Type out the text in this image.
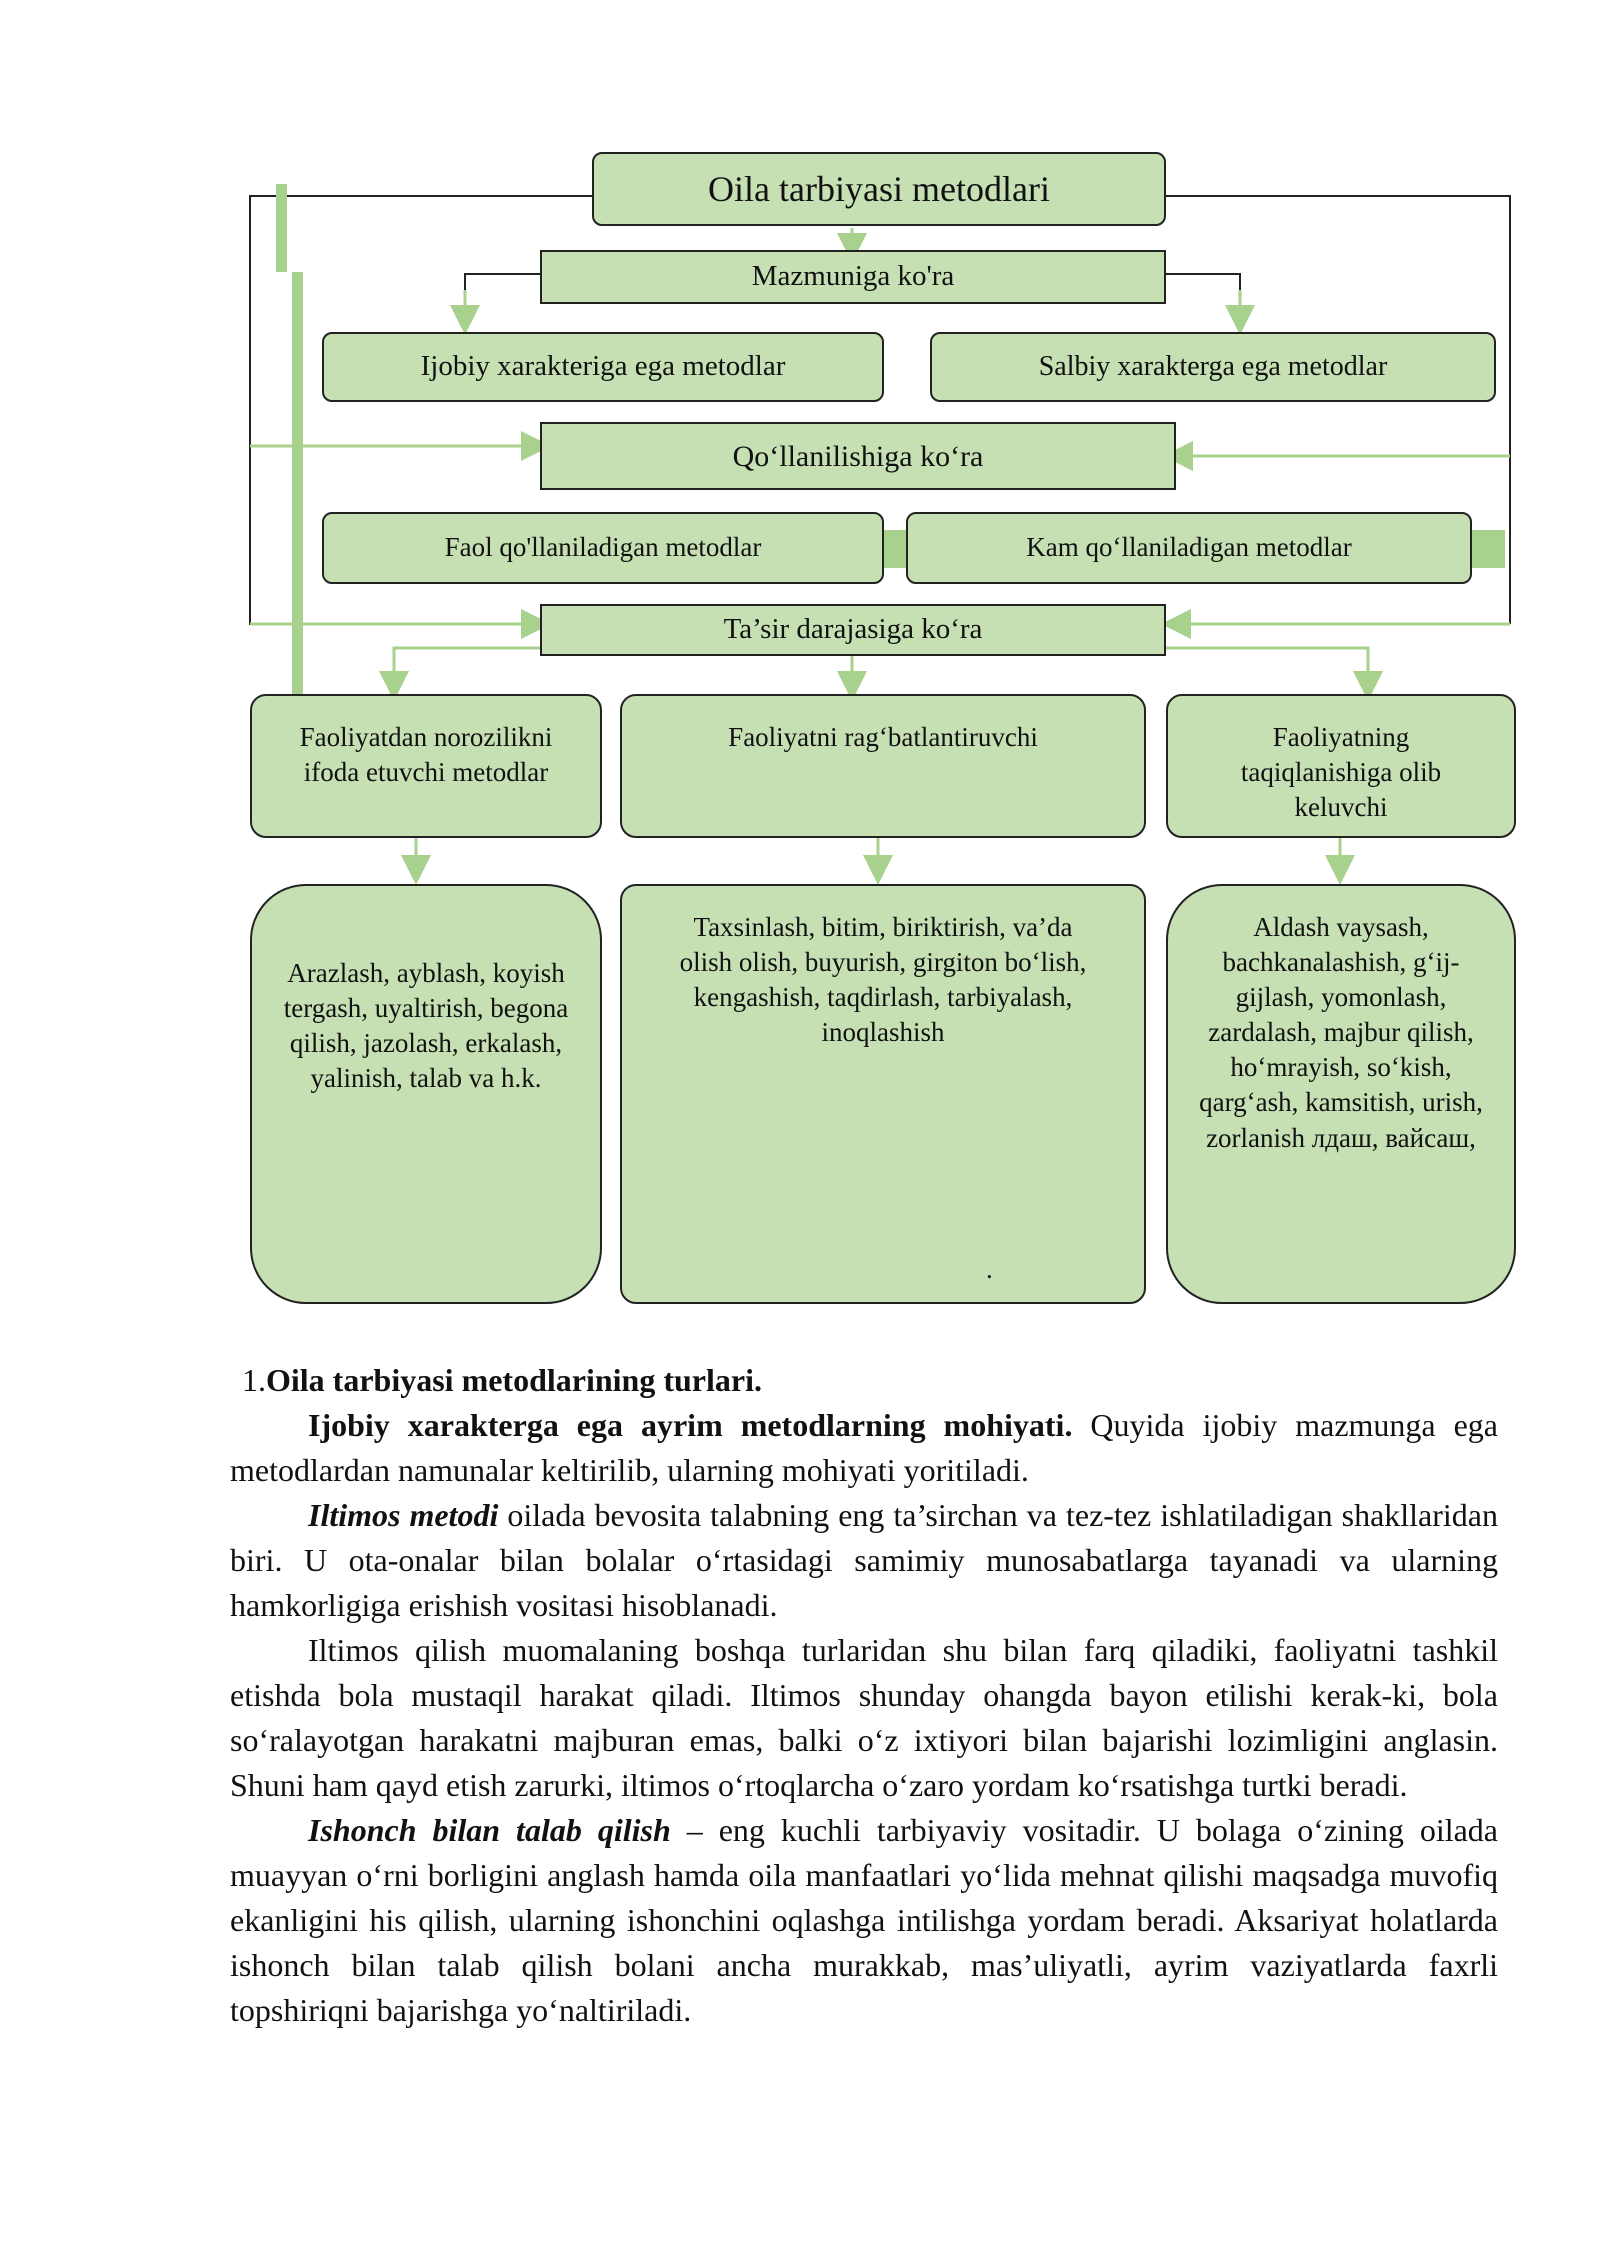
Oila tarbiyasi metodlari
Mazmuniga ko'ra
Ijobiy xarakteriga ega metodlar	Salbiy xarakterga ega metodlar
Qo‘llanilishiga ko‘ra
Faol qo'llaniladigan metodlar	Kam qo‘llaniladigan metodlar
Ta’sir darajasiga ko‘ra
Faoliyatdan norozilikni ifoda etuvchi metodlar
Faoliyatni rag‘batlantiruvchi	Faoliyatning taqiqlanishiga olib keluvchi
Arazlash, ayblash, koyish tergash, uyaltirish, begona qilish, jazolash, erkalash, yalinish, talab va h.k.
Taxsinlash, bitim, biriktirish, va’da olish olish, buyurish, girgiton bo‘lish, kengashish, taqdirlash, tarbiyalash, inoqlashish
.
Aldash vaysash, bachkanalashish, g‘ij-gijlash, yomonlash, zardalash, majbur qilish, ho‘mrayish, so‘kish, qarg‘ash, kamsitish, urish, zorlanish лдаш, вайсаш,

1.Oila tarbiyasi metodlarining turlari.

Ijobiy xarakterga ega ayrim metodlarning mohiyati. Quyida ijobiy mazmunga ega metodlardan namunalar keltirilib, ularning mohiyati yoritiladi.

Iltimos metodi oilada bevosita talabning eng ta’sirchan va tez-tez ishlatiladigan shakllaridan biri. U ota-onalar bilan bolalar o‘rtasidagi samimiy munosabatlarga tayanadi va ularning hamkorligiga erishish vositasi hisoblanadi.

Iltimos qilish muomalaning boshqa turlaridan shu bilan farq qiladiki, faoliyatni tashkil etishda bola mustaqil harakat qiladi. Iltimos shunday ohangda bayon etilishi kerak-ki, bola so‘ralayotgan harakatni majburan emas, balki o‘z ixtiyori bilan bajarishi lozimligini anglasin. Shuni ham qayd etish zarurki, iltimos o‘rtoqlarcha o‘zaro yordam ko‘rsatishga turtki beradi.

Ishonch bilan talab qilish – eng kuchli tarbiyaviy vositadir. U bolaga o‘zining oilada muayyan o‘rni borligini anglash hamda oila manfaatlari yo‘lida mehnat qilishi maqsadga muvofiq ekanligini his qilish, ularning ishonchini oqlashga intilishga yordam beradi. Aksariyat holatlarda ishonch bilan talab qilish bolani ancha murakkab, mas’uliyatli, ayrim vaziyatlarda faxrli topshiriqni bajarishga yo‘naltiriladi.
